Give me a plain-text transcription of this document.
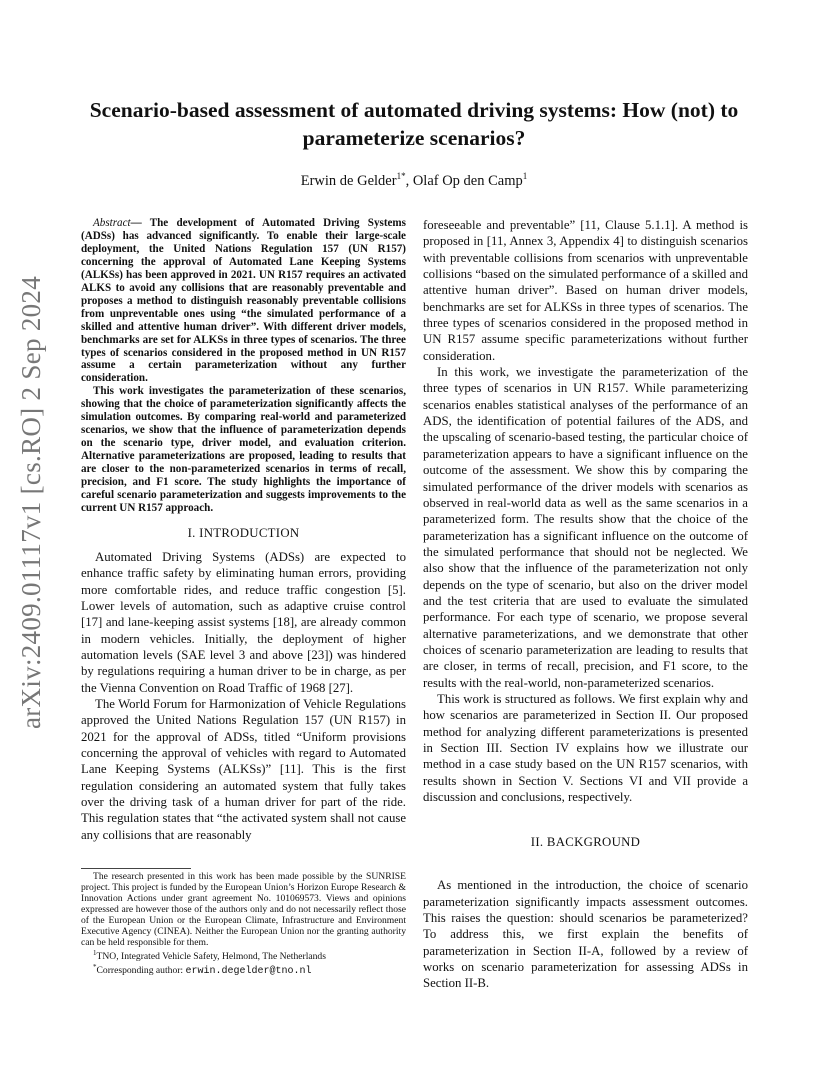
arXiv:2409.01117v1 [cs.RO] 2 Sep 2024
Scenario-based assessment of automated driving systems: How (not) to parameterize scenarios?
Erwin de Gelder$^{1*}$, Olaf Op den Camp$^1$

Abstract— The development of Automated Driving Systems (ADSs) has advanced significantly. To enable their large-scale deployment, the United Nations Regulation 157 (UN R157) concerning the approval of Automated Lane Keeping Systems (ALKSs) has been approved in 2021. UN R157 requires an activated ALKS to avoid any collisions that are reasonably preventable and proposes a method to distinguish reasonably preventable collisions from unpreventable ones using “the simulated performance of a skilled and attentive human driver”. With different driver models, benchmarks are set for ALKSs in three types of scenarios. The three types of scenarios considered in the proposed method in UN R157 assume a certain parameterization without any further consideration.

This work investigates the parameterization of these scenarios, showing that the choice of parameterization significantly affects the simulation outcomes. By comparing real-world and parameterized scenarios, we show that the influence of parameterization depends on the scenario type, driver model, and evaluation criterion. Alternative parameterizations are proposed, leading to results that are closer to the non-parameterized scenarios in terms of recall, precision, and F1 score. The study highlights the importance of careful scenario parameterization and suggests improvements to the current UN R157 approach.

I. INTRODUCTION

Automated Driving Systems (ADSs) are expected to enhance traffic safety by eliminating human errors, providing more comfortable rides, and reduce traffic congestion [5]. Lower levels of automation, such as adaptive cruise control [17] and lane-keeping assist systems [18], are already common in modern vehicles. Initially, the deployment of higher automation levels (SAE level 3 and above [23]) was hindered by regulations requiring a human driver to be in charge, as per the Vienna Convention on Road Traffic of 1968 [27].

The World Forum for Harmonization of Vehicle Regulations approved the United Nations Regulation 157 (UN R157) in 2021 for the approval of ADSs, titled “Uniform provisions concerning the approval of vehicles with regard to Automated Lane Keeping Systems (ALKSs)” [11]. This is the first regulation considering an automated system that fully takes over the driving task of a human driver for part of the ride. This regulation states that “the activated system shall not cause any collisions that are reasonably

The research presented in this work has been made possible by the SUNRISE project. This project is funded by the European Union’s Horizon Europe Research & Innovation Actions under grant agreement No. 101069573. Views and opinions expressed are however those of the authors only and do not necessarily reflect those of the European Union or the European Climate, Infrastructure and Environment Executive Agency (CINEA). Neither the European Union nor the granting authority can be held responsible for them.

$^1$TNO, Integrated Vehicle Safety, Helmond, The Netherlands

*Corresponding author: erwin.degelder@tno.nl

foreseeable and preventable” [11, Clause 5.1.1]. A method is proposed in [11, Annex 3, Appendix 4] to distinguish scenarios with preventable collisions from scenarios with unpreventable collisions “based on the simulated performance of a skilled and attentive human driver”. Based on human driver models, benchmarks are set for ALKSs in three types of scenarios. The three types of scenarios considered in the proposed method in UN R157 assume specific parameterizations without further consideration.

In this work, we investigate the parameterization of the three types of scenarios in UN R157. While parameterizing scenarios enables statistical analyses of the performance of an ADS, the identification of potential failures of the ADS, and the upscaling of scenario-based testing, the particular choice of parameterization appears to have a significant influence on the outcome of the assessment. We show this by comparing the simulated performance of the driver models with scenarios as observed in real-world data as well as the same scenarios in a parameterized form. The results show that the choice of the parameterization has a significant influence on the outcome of the simulated performance that should not be neglected. We also show that the influence of the parameterization not only depends on the type of scenario, but also on the driver model and the test criteria that are used to evaluate the simulated performance. For each type of scenario, we propose several alternative parameterizations, and we demonstrate that other choices of scenario parameterization are leading to results that are closer, in terms of recall, precision, and F1 score, to the results with the real-world, non-parameterized scenarios.

This work is structured as follows. We first explain why and how scenarios are parameterized in Section II. Our proposed method for analyzing different parameterizations is presented in Section III. Section IV explains how we illustrate our method in a case study based on the UN R157 scenarios, with results shown in Section V. Sections VI and VII provide a discussion and conclusions, respectively.

II. BACKGROUND

As mentioned in the introduction, the choice of scenario parameterization significantly impacts assessment outcomes. This raises the question: should scenarios be parameterized? To address this, we first explain the benefits of parameterization in Section II-A, followed by a review of works on scenario parameterization for assessing ADSs in Section II-B.
